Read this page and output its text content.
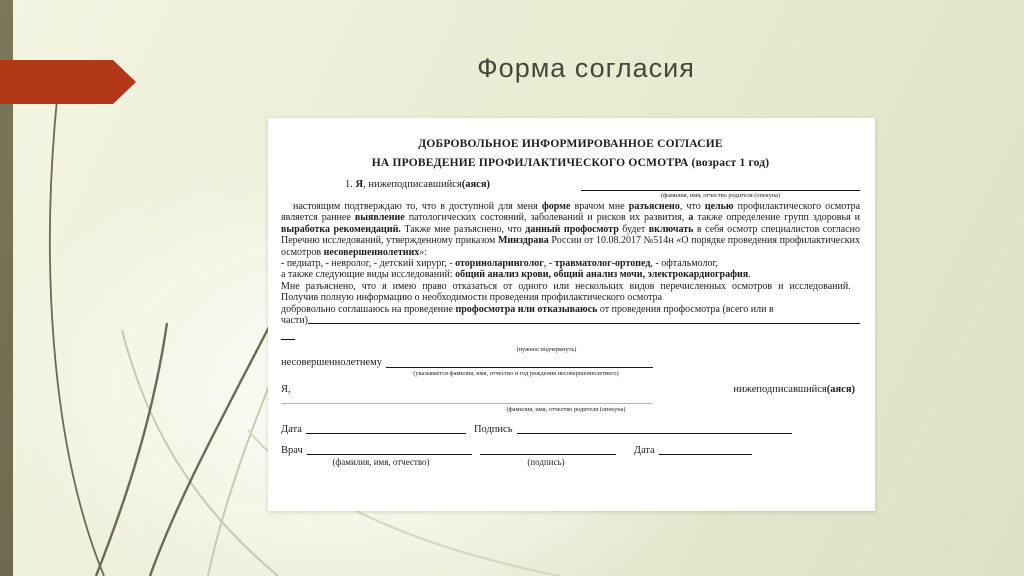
Форма согласия
ДОБРОВОЛЬНОЕ ИНФОРМИРОВАННОЕ СОГЛАСИЕ
НА ПРОВЕДЕНИЕ ПРОФИЛАКТИЧЕСКОГО ОСМОТРА (возраст 1 год)
1. Я, нижеподписавшийся(аяся)
(фамилия, имя, отчество родителя (опекуна)
настоящим подтверждаю то, что в доступной для меня форме врачом мне разъяснено, что целью профилактического осмотра является раннее выявление патологических состояний, заболеваний и рисков их развития, а также определение групп здоровья и выработка рекомендаций. Также мне разъяснено, что данный профосмотр будет включать в себя осмотр специалистов согласно Перечню исследований, утвержденному приказом Минздрава России от 10.08.2017 №514н «О порядке проведения профилактических осмотров несовершеннолетних»:
- педиатр, - невролог, - детский хирург, - оториноларинголог, - травматолог-ортопед, - офтальмолог,
а также следующие виды исследований: общий анализ крови, общий анализ мочи, электрокардиография.
Мне разъяснено, что я имею право отказаться от одного или нескольких видов перечисленных осмотров и исследований.
Получив полную информацию о необходимости проведения профилактического осмотра
добровольно соглашаюсь на проведение профосмотра или отказываюсь от проведения профосмотра (всего или в
части)
(нужное подчеркнуть)
несовершеннолетнему
(указывается фамилия, имя, отчество и год рождения несовершеннолетнего)
Я,	нижеподписавшийся(аяся)
(фамилия, имя, отчество родителя (опекуна)
Дата	Подпись
Врач	Дата
(фамилия, имя, отчество)	(подпись)
